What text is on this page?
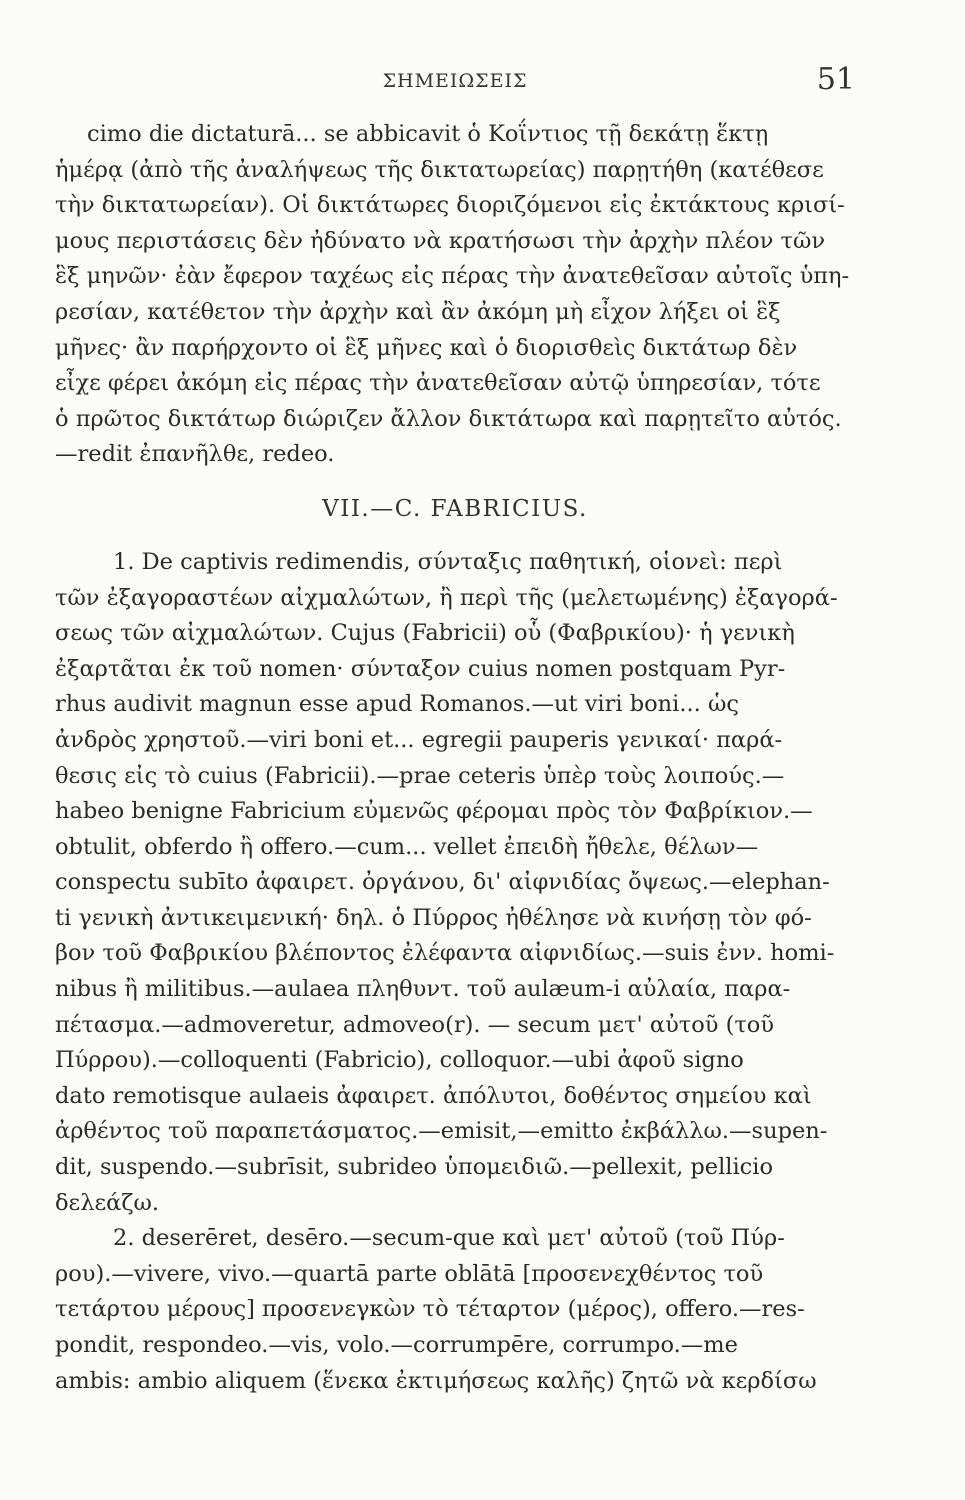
ΣΗΜΕΙΩΣΕΙΣ	51
cimo die dictaturā... se abbicavit ὁ Κοΐντιος τῇ δεκάτῃ ἕκτῃ
ἡμέρᾳ (ἀπὸ τῆς ἀναλήψεως τῆς δικτατωρείας) παρῃτήθη (κατέθεσε
τὴν δικτατωρείαν). Οἱ δικτάτωρες διοριζόμενοι εἰς ἐκτάκτους κρισί-
μους περιστάσεις δὲν ἠδύνατο νὰ κρατήσωσι τὴν ἀρχὴν πλέον τῶν
ἓξ μηνῶν· ἐὰν ἔφερον ταχέως εἰς πέρας τὴν ἀνατεθεῖσαν αὐτοῖς ὑπη-
ρεσίαν, κατέθετον τὴν ἀρχὴν καὶ ἂν ἀκόμη μὴ εἶχον λήξει οἱ ἓξ
μῆνες· ἂν παρήρχοντο οἱ ἓξ μῆνες καὶ ὁ διορισθεὶς δικτάτωρ δὲν
εἶχε φέρει ἀκόμη εἰς πέρας τὴν ἀνατεθεῖσαν αὐτῷ ὑπηρεσίαν, τότε
ὁ πρῶτος δικτάτωρ διώριζεν ἄλλον δικτάτωρα καὶ παρῃτεῖτο αὐτός.
—redit ἐπανῆλθε, redeo.
VII.—C. FABRICIUS.
1. De captivis redimendis, σύνταξις παθητική, οἱονεὶ: περὶ
τῶν ἐξαγοραστέων αἰχμαλώτων, ἢ περὶ τῆς (μελετωμένης) ἐξαγορά-
σεως τῶν αἰχμαλώτων. Cujus (Fabricii) οὗ (Φαβρικίου)· ἡ γενικὴ
ἐξαρτᾶται ἐκ τοῦ nomen· σύνταξον cuius nomen postquam Pyr-
rhus audivit magnun esse apud Romanos.—ut viri boni... ὡς
ἀνδρὸς χρηστοῦ.—viri boni et... egregii pauperis γενικαί· παρά-
θεσις εἰς τὸ cuius (Fabricii).—prae ceteris ὑπὲρ τοὺς λοιπούς.—
habeo benigne Fabricium εὐμενῶς φέρομαι πρὸς τὸν Φαβρίκιον.—
obtulit, obferdo ἢ offero.—cum... vellet ἐπειδὴ ἤθελε, θέλων—
conspectu subīto ἀφαιρετ. ὀργάνου, δι' αἰφνιδίας ὄψεως.—elephan-
ti γενικὴ ἀντικειμενική· δηλ. ὁ Πύρρος ἠθέλησε νὰ κινήσῃ τὸν φό-
βον τοῦ Φαβρικίου βλέποντος ἐλέφαντα αἰφνιδίως.—suis ἐνν. homi-
nibus ἢ militibus.—aulaea πληθυντ. τοῦ aulæum-i αὐλαία, παρα-
πέτασμα.—admoveretur, admoveo(r). — secum μετ' αὐτοῦ (τοῦ
Πύρρου).—colloquenti (Fabricio), colloquor.—ubi ἀφοῦ signo
dato remotisque aulaeis ἀφαιρετ. ἀπόλυτοι, δοθέντος σημείου καὶ
ἀρθέντος τοῦ παραπετάσματος.—emisit,—emitto ἐκβάλλω.—supen-
dit, suspendo.—subrīsit, subrideo ὑπομειδιῶ.—pellexit, pellicio
δελεάζω.
2. deserēret, desēro.—secum-que καὶ μετ' αὐτοῦ (τοῦ Πύρ-
ρου).—vivere, vivo.—quartā parte oblātā [προσενεχθέντος τοῦ
τετάρτου μέρους] προσενεγκὼν τὸ τέταρτον (μέρος), offero.—res-
pondit, respondeo.—vis, volo.—corrumpēre, corrumpo.—me
ambis: ambio aliquem (ἕνεκα ἐκτιμήσεως καλῆς) ζητῶ νὰ κερδίσω
